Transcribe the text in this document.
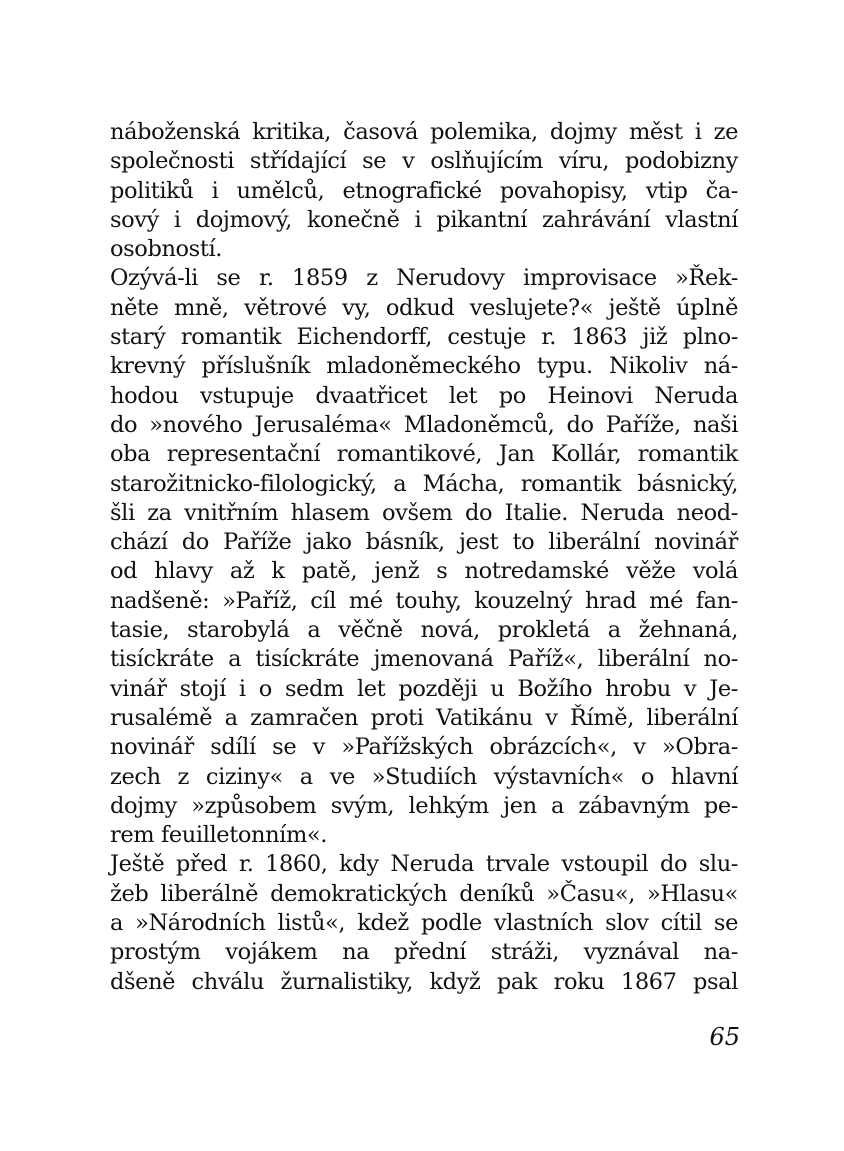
náboženská kritika, časová polemika, dojmy měst i ze
společnosti střídající se v oslňujícím víru, podobizny
politiků i umělců, etnografické povahopisy, vtip ča-
sový i dojmový, konečně i pikantní zahrávání vlastní
osobností.
Ozývá-li se r. 1859 z Nerudovy improvisace »Řek-
něte mně, větrové vy, odkud veslujete?« ještě úplně
starý romantik Eichendorff, cestuje r. 1863 již plno-
krevný příslušník mladoněmeckého typu. Nikoliv ná-
hodou vstupuje dvaatřicet let po Heinovi Neruda
do »nového Jerusaléma« Mladoněmců, do Paříže, naši
oba representační romantikové, Jan Kollár, romantik
starožitnicko-filologický, a Mácha, romantik básnický,
šli za vnitřním hlasem ovšem do Italie. Neruda neod-
chází do Paříže jako básník, jest to liberální novinář
od hlavy až k patě, jenž s notredamské věže volá
nadšeně: »Paříž, cíl mé touhy, kouzelný hrad mé fan-
tasie, starobylá a věčně nová, prokletá a žehnaná,
tisíckráte a tisíckráte jmenovaná Paříž«, liberální no-
vinář stojí i o sedm let později u Božího hrobu v Je-
rusalémě a zamračen proti Vatikánu v Římě, liberální
novinář sdílí se v »Pařížských obrázcích«, v »Obra-
zech z ciziny« a ve »Studiích výstavních« o hlavní
dojmy »způsobem svým, lehkým jen a zábavným pe-
rem feuilletonním«.
Ještě před r. 1860, kdy Neruda trvale vstoupil do slu-
žeb liberálně demokratických deníků »Času«, »Hlasu«
a »Národních listů«, kdež podle vlastních slov cítil se
prostým vojákem na přední stráži, vyznával na-
dšeně chválu žurnalistiky, když pak roku 1867 psal
65
